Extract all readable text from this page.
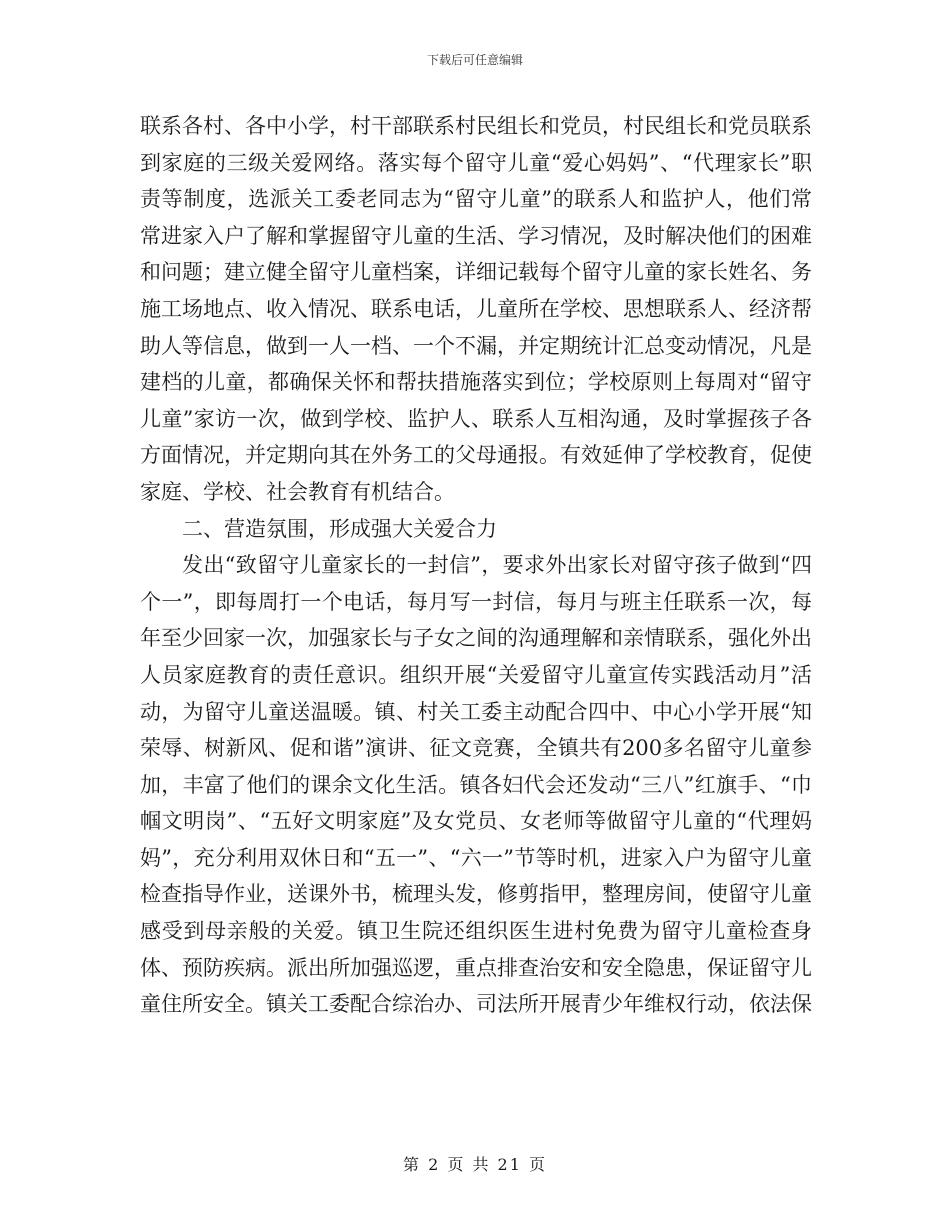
下载后可任意编辑

联系各村、各中小学，村干部联系村民组长和党员，村民组长和党员联系到家庭的三级关爱网络。落实每个留守儿童“爱心妈妈”、“代理家长”职责等制度，选派关工委老同志为“留守儿童”的联系人和监护人，他们常常进家入户了解和掌握留守儿童的生活、学习情况，及时解决他们的困难和问题；建立健全留守儿童档案，详细记载每个留守儿童的家长姓名、务施工场地点、收入情况、联系电话，儿童所在学校、思想联系人、经济帮助人等信息，做到一人一档、一个不漏，并定期统计汇总变动情况，凡是建档的儿童，都确保关怀和帮扶措施落实到位；学校原则上每周对“留守儿童”家访一次，做到学校、监护人、联系人互相沟通，及时掌握孩子各方面情况，并定期向其在外务工的父母通报。有效延伸了学校教育，促使家庭、学校、社会教育有机结合。

二、营造氛围，形成强大关爱合力

发出“致留守儿童家长的一封信”，要求外出家长对留守孩子做到“四个一”，即每周打一个电话，每月写一封信，每月与班主任联系一次，每年至少回家一次，加强家长与子女之间的沟通理解和亲情联系，强化外出人员家庭教育的责任意识。组织开展“关爱留守儿童宣传实践活动月”活动，为留守儿童送温暖。镇、村关工委主动配合四中、中心小学开展“知荣辱、树新风、促和谐”演讲、征文竞赛，全镇共有200多名留守儿童参加，丰富了他们的课余文化生活。镇各妇代会还发动“三八”红旗手、“巾帼文明岗”、“五好文明家庭”及女党员、女老师等做留守儿童的“代理妈妈”，充分利用双休日和“五一”、“六一”节等时机，进家入户为留守儿童检查指导作业，送课外书，梳理头发，修剪指甲，整理房间，使留守儿童感受到母亲般的关爱。镇卫生院还组织医生进村免费为留守儿童检查身体、预防疾病。派出所加强巡逻，重点排查治安和安全隐患，保证留守儿童住所安全。镇关工委配合综治办、司法所开展青少年维权行动，依法保

第 2 页 共 21 页
